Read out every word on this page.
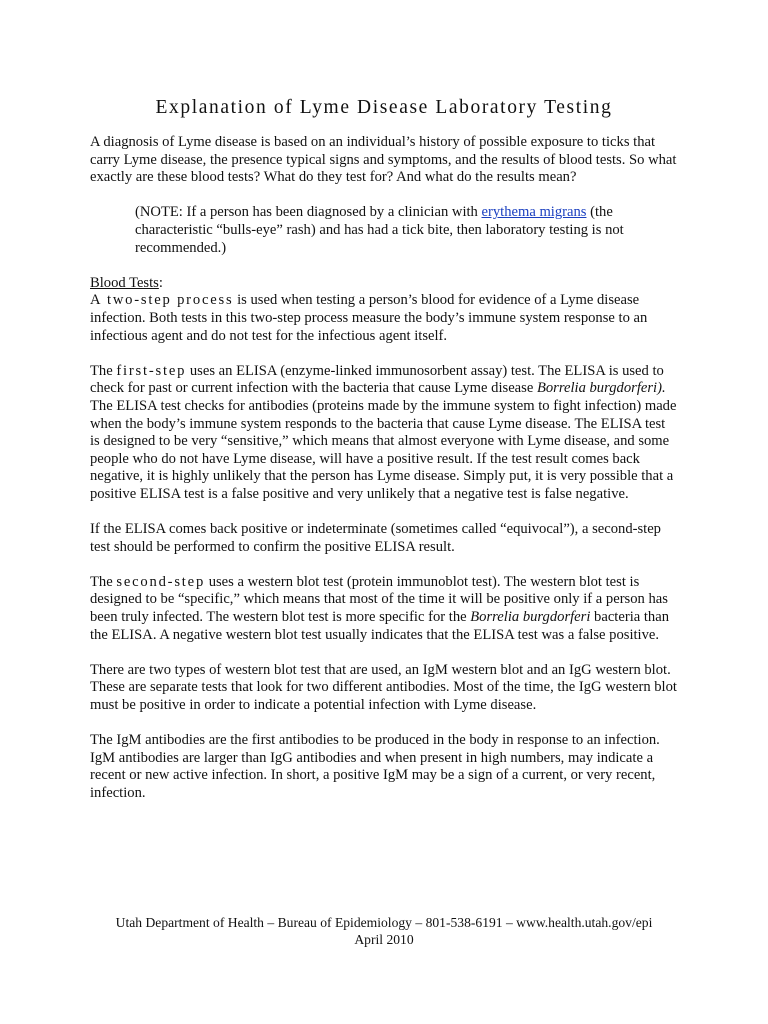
Explanation of Lyme Disease Laboratory Testing

A diagnosis of Lyme disease is based on an individual’s history of possible exposure to ticks that carry Lyme disease, the presence typical signs and symptoms, and the results of blood tests. So what exactly are these blood tests? What do they test for? And what do the results mean?

(NOTE: If a person has been diagnosed by a clinician with erythema migrans (the characteristic “bulls-eye” rash) and has had a tick bite, then laboratory testing is not recommended.)

Blood Tests:
A two-step process is used when testing a person’s blood for evidence of a Lyme disease infection. Both tests in this two-step process measure the body’s immune system response to an infectious agent and do not test for the infectious agent itself.

The first-step uses an ELISA (enzyme-linked immunosorbent assay) test. The ELISA is used to check for past or current infection with the bacteria that cause Lyme disease Borrelia burgdorferi). The ELISA test checks for antibodies (proteins made by the immune system to fight infection) made when the body’s immune system responds to the bacteria that cause Lyme disease. The ELISA test is designed to be very “sensitive,” which means that almost everyone with Lyme disease, and some people who do not have Lyme disease, will have a positive result. If the test result comes back negative, it is highly unlikely that the person has Lyme disease. Simply put, it is very possible that a positive ELISA test is a false positive and very unlikely that a negative test is false negative.

If the ELISA comes back positive or indeterminate (sometimes called “equivocal”), a second-step test should be performed to confirm the positive ELISA result.

The second-step uses a western blot test (protein immunoblot test). The western blot test is designed to be “specific,” which means that most of the time it will be positive only if a person has been truly infected. The western blot test is more specific for the Borrelia burgdorferi bacteria than the ELISA. A negative western blot test usually indicates that the ELISA test was a false positive.

There are two types of western blot test that are used, an IgM western blot and an IgG western blot. These are separate tests that look for two different antibodies. Most of the time, the IgG western blot must be positive in order to indicate a potential infection with Lyme disease.

The IgM antibodies are the first antibodies to be produced in the body in response to an infection. IgM antibodies are larger than IgG antibodies and when present in high numbers, may indicate a recent or new active infection. In short, a positive IgM may be a sign of a current, or very recent, infection.

Utah Department of Health – Bureau of Epidemiology – 801-538-6191 – www.health.utah.gov/epi
April 2010
